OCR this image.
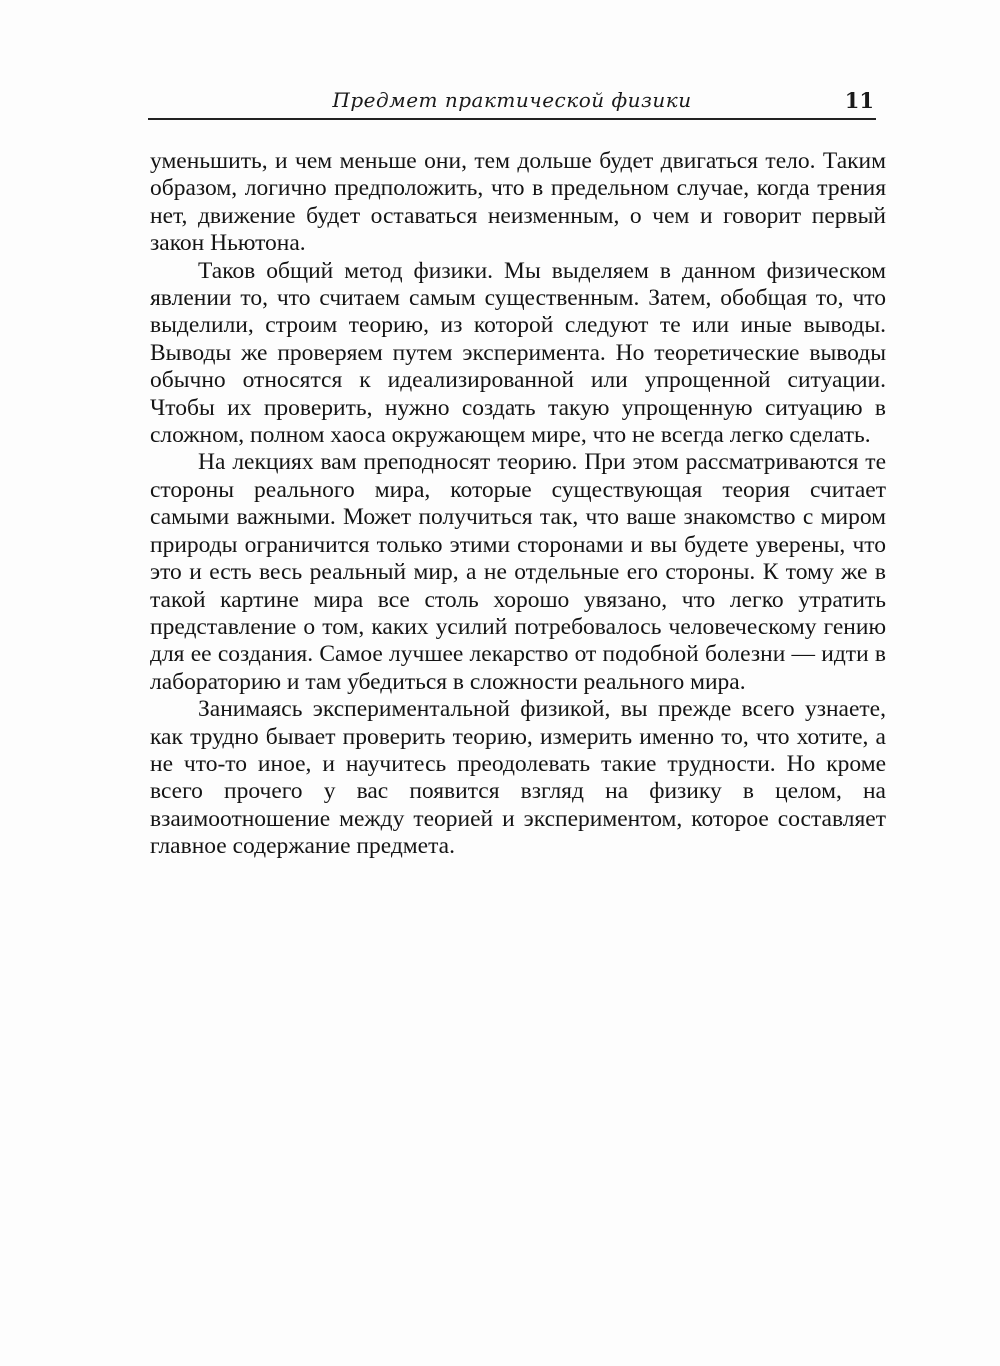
Предмет практической физики	11

уменьшить, и чем меньше они, тем дольше будет двигаться тело. Таким образом, логично предположить, что в предельном случае, когда трения нет, движение будет оставаться неизменным, о чем и говорит первый закон Ньютона.

Таков общий метод физики. Мы выделяем в данном физическом явлении то, что считаем самым существенным. Затем, обобщая то, что выделили, строим теорию, из которой следуют те или иные выводы. Выводы же проверяем путем эксперимента. Но теоретические выводы обычно относятся к идеализированной или упрощенной ситуации. Чтобы их проверить, нужно создать такую упрощенную ситуацию в сложном, полном хаоса окружающем мире, что не всегда легко сделать.

На лекциях вам преподносят теорию. При этом рассматриваются те стороны реального мира, которые существующая теория считает самыми важными. Может получиться так, что ваше знакомство с миром природы ограничится только этими сторонами и вы будете уверены, что это и есть весь реальный мир, а не отдельные его стороны. К тому же в такой картине мира все столь хорошо увязано, что легко утратить представление о том, каких усилий потребовалось человеческому гению для ее создания. Самое лучшее лекарство от подобной болезни — идти в лабораторию и там убедиться в сложности реального мира.

Занимаясь экспериментальной физикой, вы прежде всего узнаете, как трудно бывает проверить теорию, измерить именно то, что хотите, а не что-то иное, и научитесь преодолевать такие трудности. Но кроме всего прочего у вас появится взгляд на физику в целом, на взаимоотношение между теорией и экспериментом, которое составляет главное содержание предмета.
